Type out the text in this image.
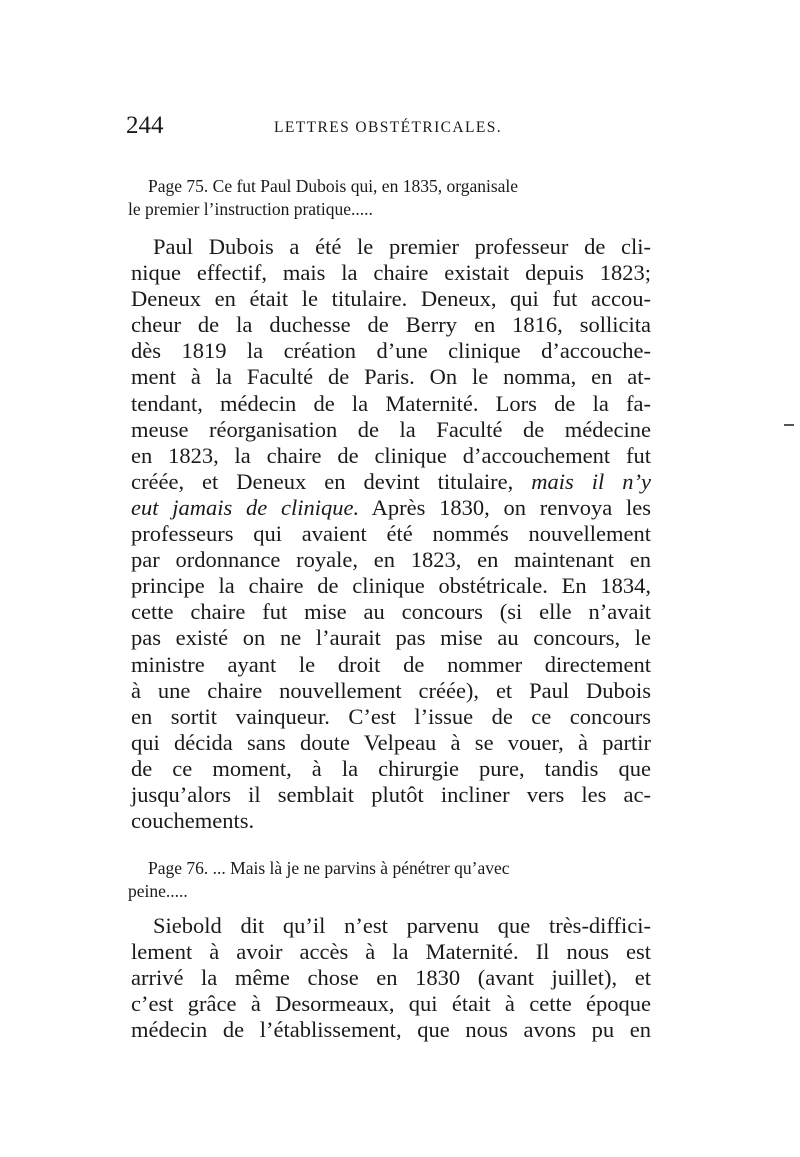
244	LETTRES OBSTÉTRICALES.
Page 75. Ce fut Paul Dubois qui, en 1835, organisale
le premier l’instruction pratique.....
Paul Dubois a été le premier professeur de cli-
nique effectif, mais la chaire existait depuis 1823;
Deneux en était le titulaire. Deneux, qui fut accou-
cheur de la duchesse de Berry en 1816, sollicita
dès 1819 la création d’une clinique d’accouche-
ment à la Faculté de Paris. On le nomma, en at-
tendant, médecin de la Maternité. Lors de la fa-
meuse réorganisation de la Faculté de médecine
en 1823, la chaire de clinique d’accouchement fut
créée, et Deneux en devint titulaire, mais il n’y
eut jamais de clinique. Après 1830, on renvoya les
professeurs qui avaient été nommés nouvellement
par ordonnance royale, en 1823, en maintenant en
principe la chaire de clinique obstétricale. En 1834,
cette chaire fut mise au concours (si elle n’avait
pas existé on ne l’aurait pas mise au concours, le
ministre ayant le droit de nommer directement
à une chaire nouvellement créée), et Paul Dubois
en sortit vainqueur. C’est l’issue de ce concours
qui décida sans doute Velpeau à se vouer, à partir
de ce moment, à la chirurgie pure, tandis que
jusqu’alors il semblait plutôt incliner vers les ac-
couchements.
Page 76. ... Mais là je ne parvins à pénétrer qu’avec
peine.....
Siebold dit qu’il n’est parvenu que très-diffici-
lement à avoir accès à la Maternité. Il nous est
arrivé la même chose en 1830 (avant juillet), et
c’est grâce à Desormeaux, qui était à cette époque
médecin de l’établissement, que nous avons pu en
